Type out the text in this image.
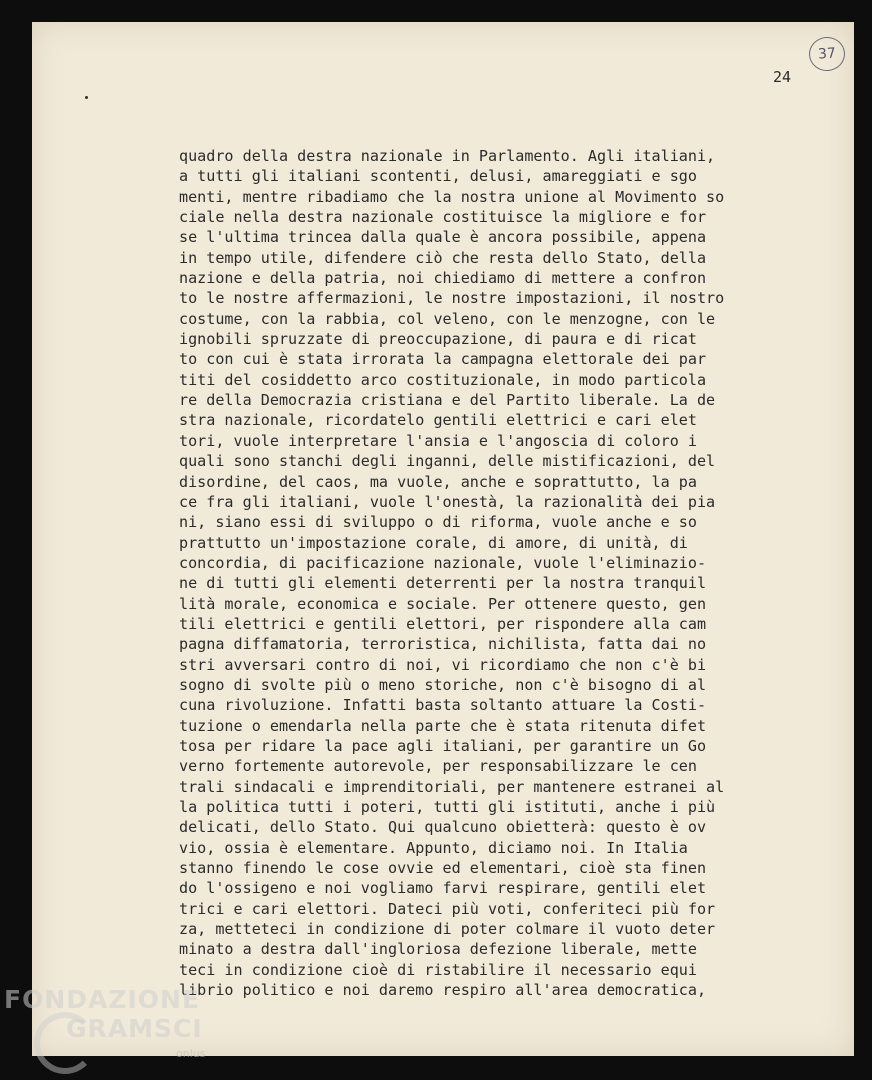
37
24
quadro della destra nazionale in Parlamento. Agli italiani,
a tutti gli italiani scontenti, delusi, amareggiati e sgo
menti, mentre ribadiamo che la nostra unione al Movimento so
ciale nella destra nazionale costituisce la migliore e for
se l'ultima trincea dalla quale è ancora possibile, appena
in tempo utile, difendere ciò che resta dello Stato, della
nazione e della patria, noi chiediamo di mettere a confron
to le nostre affermazioni, le nostre impostazioni, il nostro
costume, con la rabbia, col veleno, con le menzogne, con le
ignobili spruzzate di preoccupazione, di paura e di ricat
to con cui è stata irrorata la campagna elettorale dei par
titi del cosiddetto arco costituzionale, in modo particola
re della Democrazia cristiana e del Partito liberale. La de
stra nazionale, ricordatelo gentili elettrici e cari elet
tori, vuole interpretare l'ansia e l'angoscia di coloro i
quali sono stanchi degli inganni, delle mistificazioni, del
disordine, del caos, ma vuole, anche e soprattutto, la pa
ce fra gli italiani, vuole l'onestà, la razionalità dei pia
ni, siano essi di sviluppo o di riforma, vuole anche e so
prattutto un'impostazione corale, di amore, di unità, di
concordia, di pacificazione nazionale, vuole l'eliminazio-
ne di tutti gli elementi deterrenti per la nostra tranquil
lità morale, economica e sociale. Per ottenere questo, gen
tili elettrici e gentili elettori, per rispondere alla cam
pagna diffamatoria, terroristica, nichilista, fatta dai no
stri avversari contro di noi, vi ricordiamo che non c'è bi
sogno di svolte più o meno storiche, non c'è bisogno di al
cuna rivoluzione. Infatti basta soltanto attuare la Costi-
tuzione o emendarla nella parte che è stata ritenuta difet
tosa per ridare la pace agli italiani, per garantire un Go
verno fortemente autorevole, per responsabilizzare le cen
trali sindacali e imprenditoriali, per mantenere estranei al
la politica tutti i poteri, tutti gli istituti, anche i più
delicati, dello Stato. Qui qualcuno obietterà: questo è ov
vio, ossia è elementare. Appunto, diciamo noi. In Italia
stanno finendo le cose ovvie ed elementari, cioè sta finen
do l'ossigeno e noi vogliamo farvi respirare, gentili elet
trici e cari elettori. Dateci più voti, conferiteci più for
za, metteteci in condizione di poter colmare il vuoto deter
minato a destra dall'ingloriosa defezione liberale, mette
teci in condizione cioè di ristabilire il necessario equi
librio politico e noi daremo respiro all'area democratica,
FONDAZIONE
GRAMSCI
onlus
